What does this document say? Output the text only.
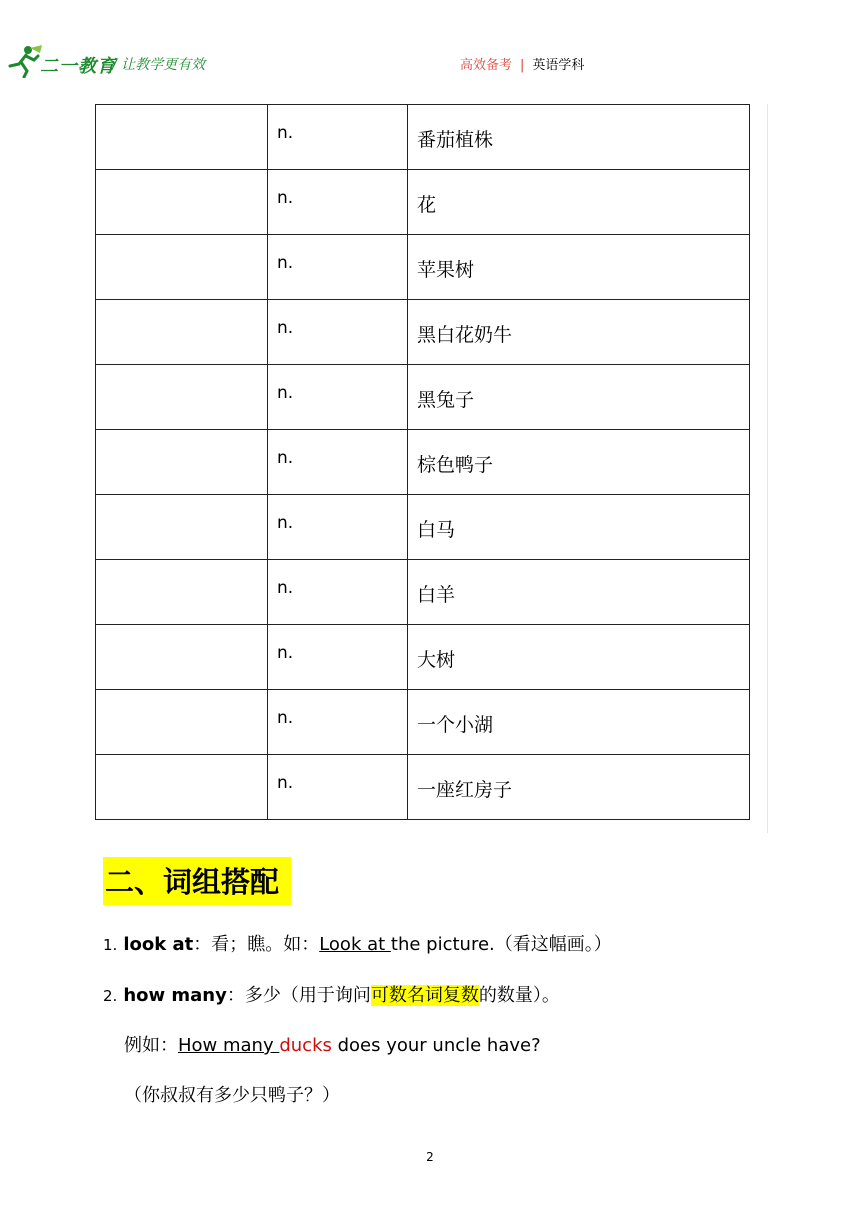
二一教育
/ 让教学更有效	高效备考 | 英语学科

	n.	番茄植株

	n.	花

	n.	苹果树

	n.	黑白花奶牛

	n.	黑兔子

	n.	棕色鸭子

	n.	白马

	n.	白羊

	n.	大树

	n.	一个小湖

	n.	一座红房子
二、词组搭配
1. look at：看；瞧。如：Look at the picture.（看这幅画。）
2. how many：多少（用于询问可数名词复数的数量）。
例如：How many ducks does your uncle have?
（你叔叔有多少只鸭子？）
2
